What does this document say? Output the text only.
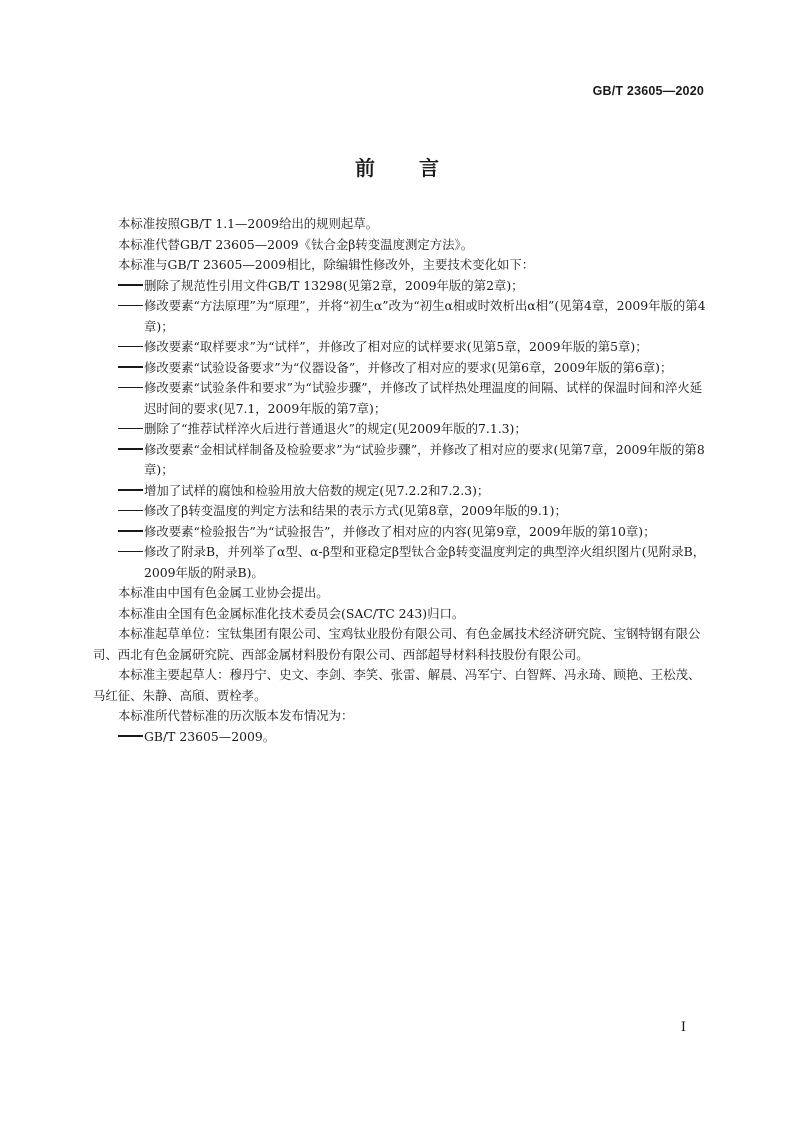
GB/T 23605—2020
前言

本标准按照GB/T 1.1—2009给出的规则起草。

本标准代替GB/T 23605—2009《钛合金β转变温度测定方法》。

本标准与GB/T 23605—2009相比，除编辑性修改外，主要技术变化如下：

删除了规范性引用文件GB/T 13298(见第2章，2009年版的第2章)；

修改要素“方法原理”为“原理”，并将“初生α”改为“初生α相或时效析出α相”(见第4章，2009年版的第4章)；

修改要素“取样要求”为“试样”，并修改了相对应的试样要求(见第5章，2009年版的第5章)；

修改要素“试验设备要求”为“仪器设备”，并修改了相对应的要求(见第6章，2009年版的第6章)；

修改要素“试验条件和要求”为“试验步骤”，并修改了试样热处理温度的间隔、试样的保温时间和淬火延迟时间的要求(见7.1，2009年版的第7章)；

删除了“推荐试样淬火后进行普通退火”的规定(见2009年版的7.1.3)；

修改要素“金相试样制备及检验要求”为“试验步骤”，并修改了相对应的要求(见第7章，2009年版的第8章)；

增加了试样的腐蚀和检验用放大倍数的规定(见7.2.2和7.2.3)；

修改了β转变温度的判定方法和结果的表示方式(见第8章，2009年版的9.1)；

修改要素“检验报告”为“试验报告”，并修改了相对应的内容(见第9章，2009年版的第10章)；

修改了附录B，并列举了α型、α-β型和亚稳定β型钛合金β转变温度判定的典型淬火组织图片(见附录B，2009年版的附录B)。

本标准由中国有色金属工业协会提出。

本标准由全国有色金属标准化技术委员会(SAC/TC 243)归口。

本标准起草单位：宝钛集团有限公司、宝鸡钛业股份有限公司、有色金属技术经济研究院、宝钢特钢有限公司、西北有色金属研究院、西部金属材料股份有限公司、西部超导材料科技股份有限公司。

本标准主要起草人：穆丹宁、史文、李剑、李笑、张雷、解晨、冯军宁、白智辉、冯永琦、顾艳、王松茂、马红征、朱静、高頎、贾栓孝。

本标准所代替标准的历次版本发布情况为：

GB/T 23605—2009。

I
